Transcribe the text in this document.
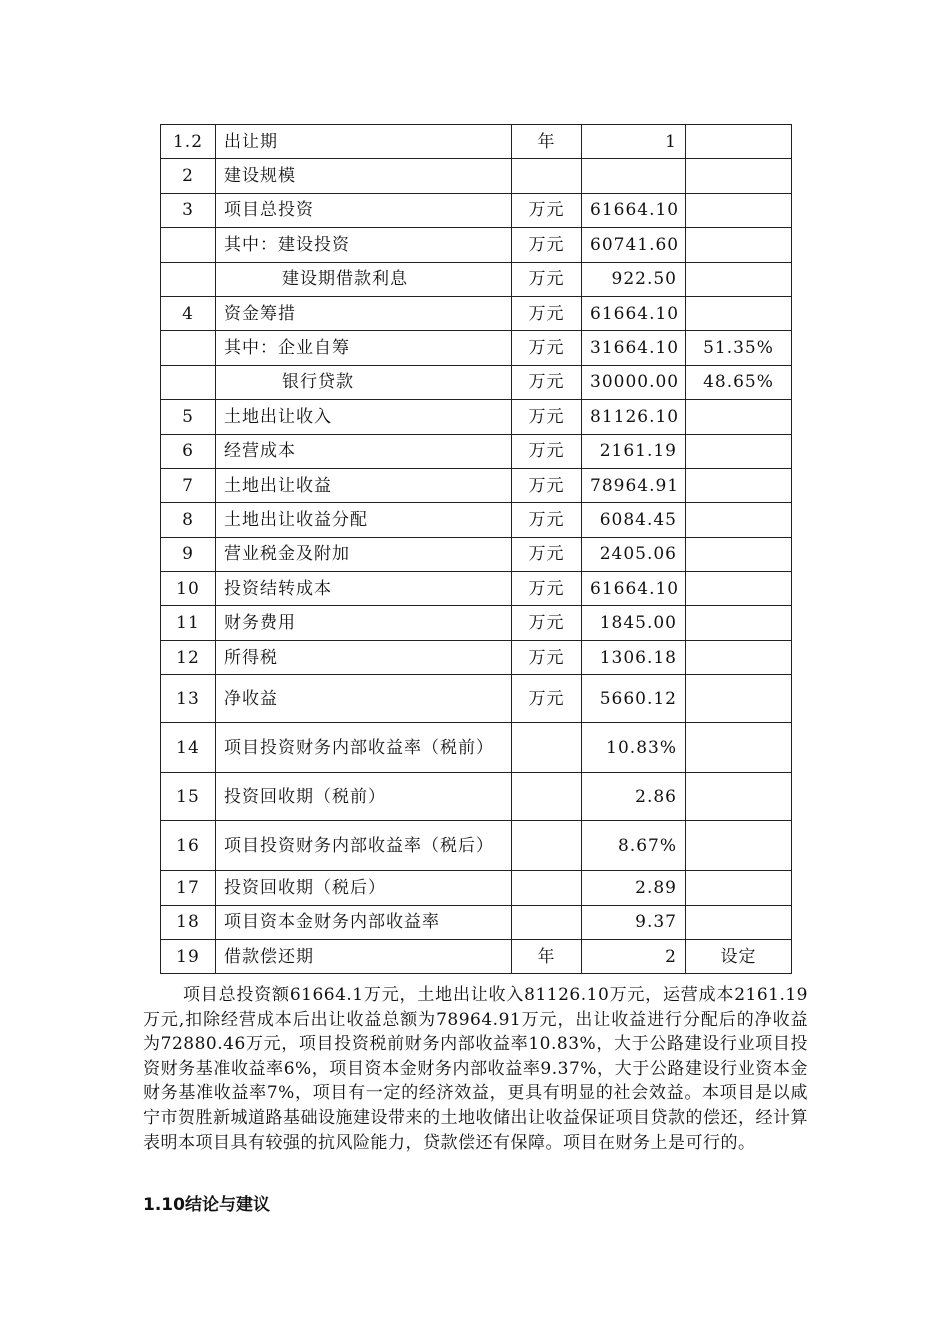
1.2	出让期	年	1	
2	建设规模			
3	项目总投资	万元	61664.10	
	其中：建设投资	万元	60741.60	
	建设期借款利息	万元	922.50	
4	资金筹措	万元	61664.10	
	其中：企业自筹	万元	31664.10	51.35%
	银行贷款	万元	30000.00	48.65%
5	土地出让收入	万元	81126.10	
6	经营成本	万元	2161.19	
7	土地出让收益	万元	78964.91	
8	土地出让收益分配	万元	6084.45	
9	营业税金及附加	万元	2405.06	
10	投资结转成本	万元	61664.10	
11	财务费用	万元	1845.00	
12	所得税	万元	1306.18	
13	净收益	万元	5660.12	
14	项目投资财务内部收益率（税前）		10.83%	
15	投资回收期（税前）		2.86	
16	项目投资财务内部收益率（税后）		8.67%	
17	投资回收期（税后）		2.89	
18	项目资本金财务内部收益率		9.37	
19	借款偿还期	年	2	设定

项目总投资额61664.1万元，土地出让收入81126.10万元，运营成本2161.19万元,扣除经营成本后出让收益总额为78964.91万元，出让收益进行分配后的净收益为72880.46万元，项目投资税前财务内部收益率10.83%，大于公路建设行业项目投资财务基准收益率6%，项目资本金财务内部收益率9.37%，大于公路建设行业资本金财务基准收益率7%，项目有一定的经济效益，更具有明显的社会效益。本项目是以咸宁市贺胜新城道路基础设施建设带来的土地收储出让收益保证项目贷款的偿还，经计算表明本项目具有较强的抗风险能力，贷款偿还有保障。项目在财务上是可行的。

1.10结论与建议
